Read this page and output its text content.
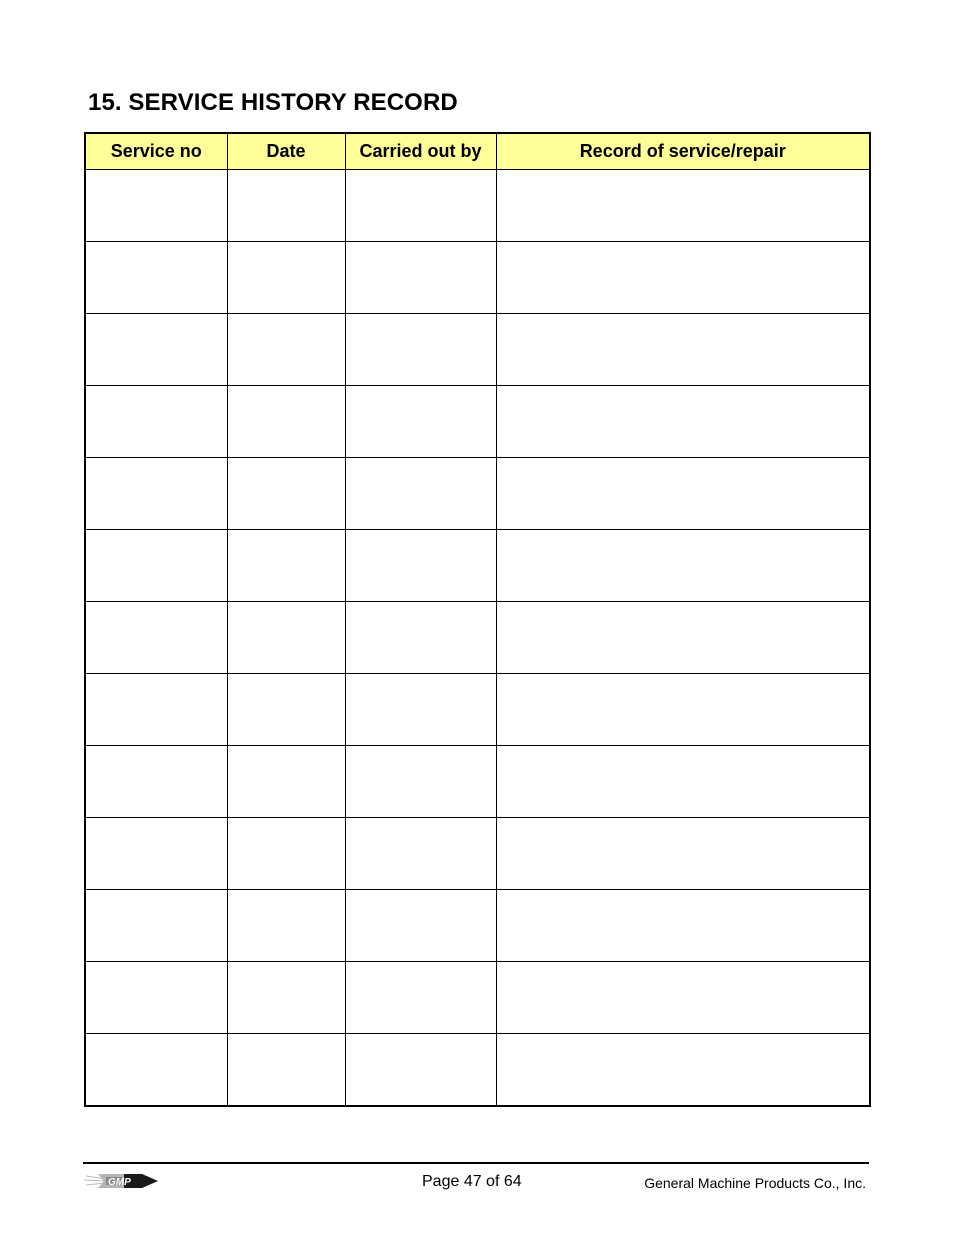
15. SERVICE HISTORY RECORD
Service no	Date	Carried out by	Record of service/repair

GMP	Page 47 of 64	General Machine Products Co., Inc.
